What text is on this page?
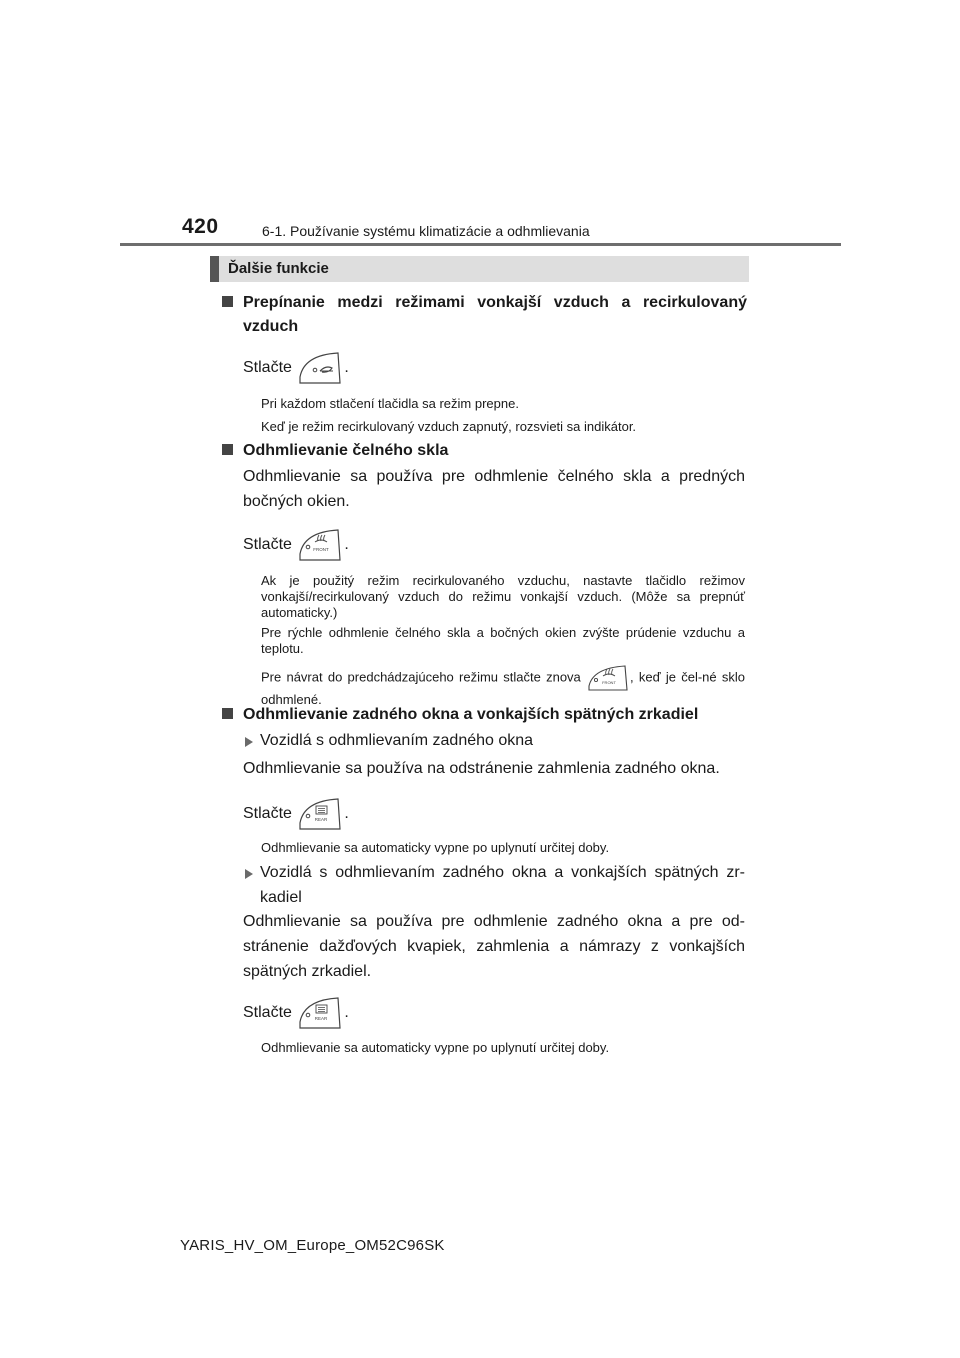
420	6-1. Používanie systému klimatizácie a odhmlievania
Ďalšie funkcie
Prepínanie medzi režimami vonkajší vzduch a recirkulovaný vzduch
Stlačte	.
Pri každom stlačení tlačidla sa režim prepne.
Keď je režim recirkulovaný vzduch zapnutý, rozsvieti sa indikátor.
Odhmlievanie čelného skla
Odhmlievanie sa používa pre odhmlenie čelného skla a predných bočných okien.
Stlačte	FRONT .
Ak je použitý režim recirkulovaného vzduchu, nastavte tlačidlo režimov vonkajší/recirkulovaný vzduch do režimu vonkajší vzduch. (Môže sa prepnúť automaticky.)
Pre rýchle odhmlenie čelného skla a bočných okien zvýšte prúdenie vzduchu a teplotu.
Pre návrat do predchádzajúceho režimu stlačte znova	FRONT , keď je čel-né sklo odhmlené.
Odhmlievanie zadného okna a vonkajších spätných zrkadiel
Vozidlá s odhmlievaním zadného okna
Odhmlievanie sa používa na odstránenie zahmlenia zadného okna.
Stlačte	REAR .
Odhmlievanie sa automaticky vypne po uplynutí určitej doby.
Vozidlá s odhmlievaním zadného okna a vonkajších spätných zr-kadiel
Odhmlievanie sa používa pre odhmlenie zadného okna a pre od-stránenie dažďových kvapiek, zahmlenia a námrazy z vonkajších spätných zrkadiel.
Stlačte	REAR .
Odhmlievanie sa automaticky vypne po uplynutí určitej doby.
YARIS_HV_OM_Europe_OM52C96SK
